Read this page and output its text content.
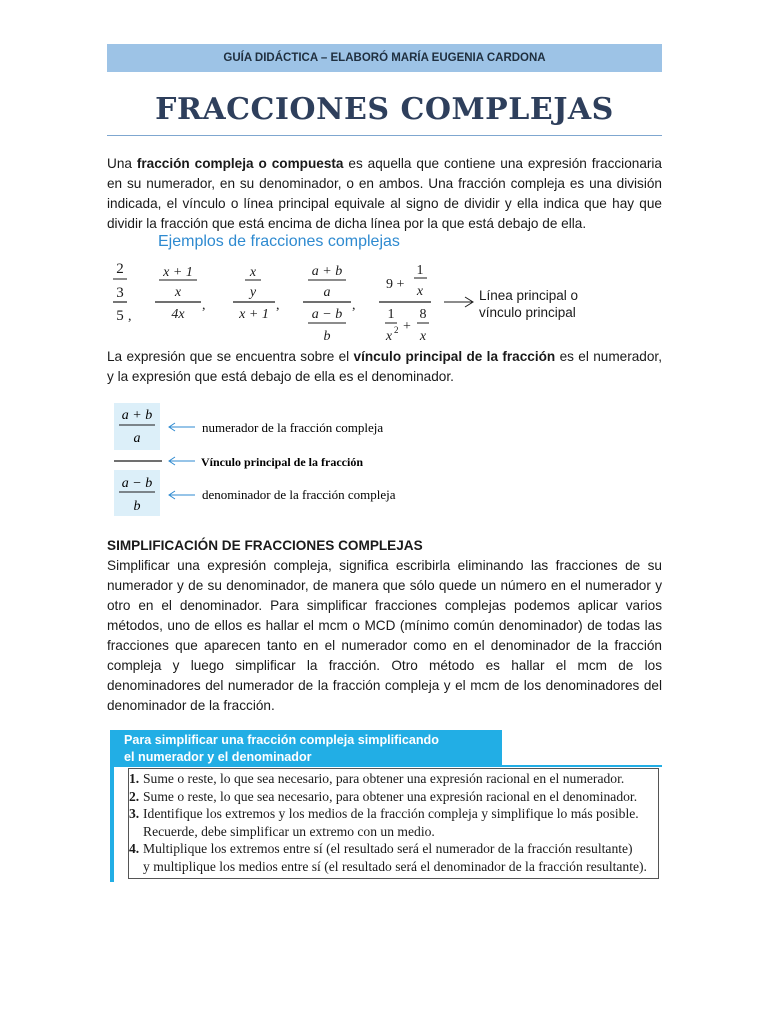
GUÍA DIDÁCTICA – ELABORÓ MARÍA EUGENIA CARDONA
FRACCIONES COMPLEJAS

Una fracción compleja o compuesta es aquella que contiene una expresión fraccionaria en su numerador, en su denominador, o en ambos. Una fracción compleja es una división indicada, el vínculo o línea principal equivale al signo de dividir y ella indica que hay que dividir la fracción que está encima de dicha línea por la que está debajo de ella.

Ejemplos de fracciones complejas
2
3
5 ,
x + 1
x
4x
,
x
y
x + 1
,
a + b
a
a − b
b
,
9 +
1
x
1
x 2 +
8
x
Línea principal o
vínculo principal

La expresión que se encuentra sobre el vínculo principal de la fracción es el numerador, y la expresión que está debajo de ella es el denominador.

a + b
a
numerador de la fracción compleja
Vínculo principal de la fracción
a − b
b
denominador de la fracción compleja
SIMPLIFICACIÓN DE FRACCIONES COMPLEJAS

Simplificar una expresión compleja, significa escribirla eliminando las fracciones de su numerador y de su denominador, de manera que sólo quede un número en el numerador y otro en el denominador. Para simplificar fracciones complejas podemos aplicar varios métodos, uno de ellos es hallar el mcm o MCD (mínimo común denominador) de todas las fracciones que aparecen tanto en el numerador como en el denominador de la fracción compleja y luego simplificar la fracción. Otro método es hallar el mcm de los denominadores del numerador de la fracción compleja y el mcm de los denominadores del denominador de la fracción.

Para simplificar una fracción compleja simplificando
el numerador y el denominador
1. Sume o reste, lo que sea necesario, para obtener una expresión racional en el numerador.
2. Sume o reste, lo que sea necesario, para obtener una expresión racional en el denominador.
3. Identifique los extremos y los medios de la fracción compleja y simplifique lo más posible.
Recuerde, debe simplificar un extremo con un medio.
4. Multiplique los extremos entre sí (el resultado será el numerador de la fracción resultante)
y multiplique los medios entre sí (el resultado será el denominador de la fracción resultante).
